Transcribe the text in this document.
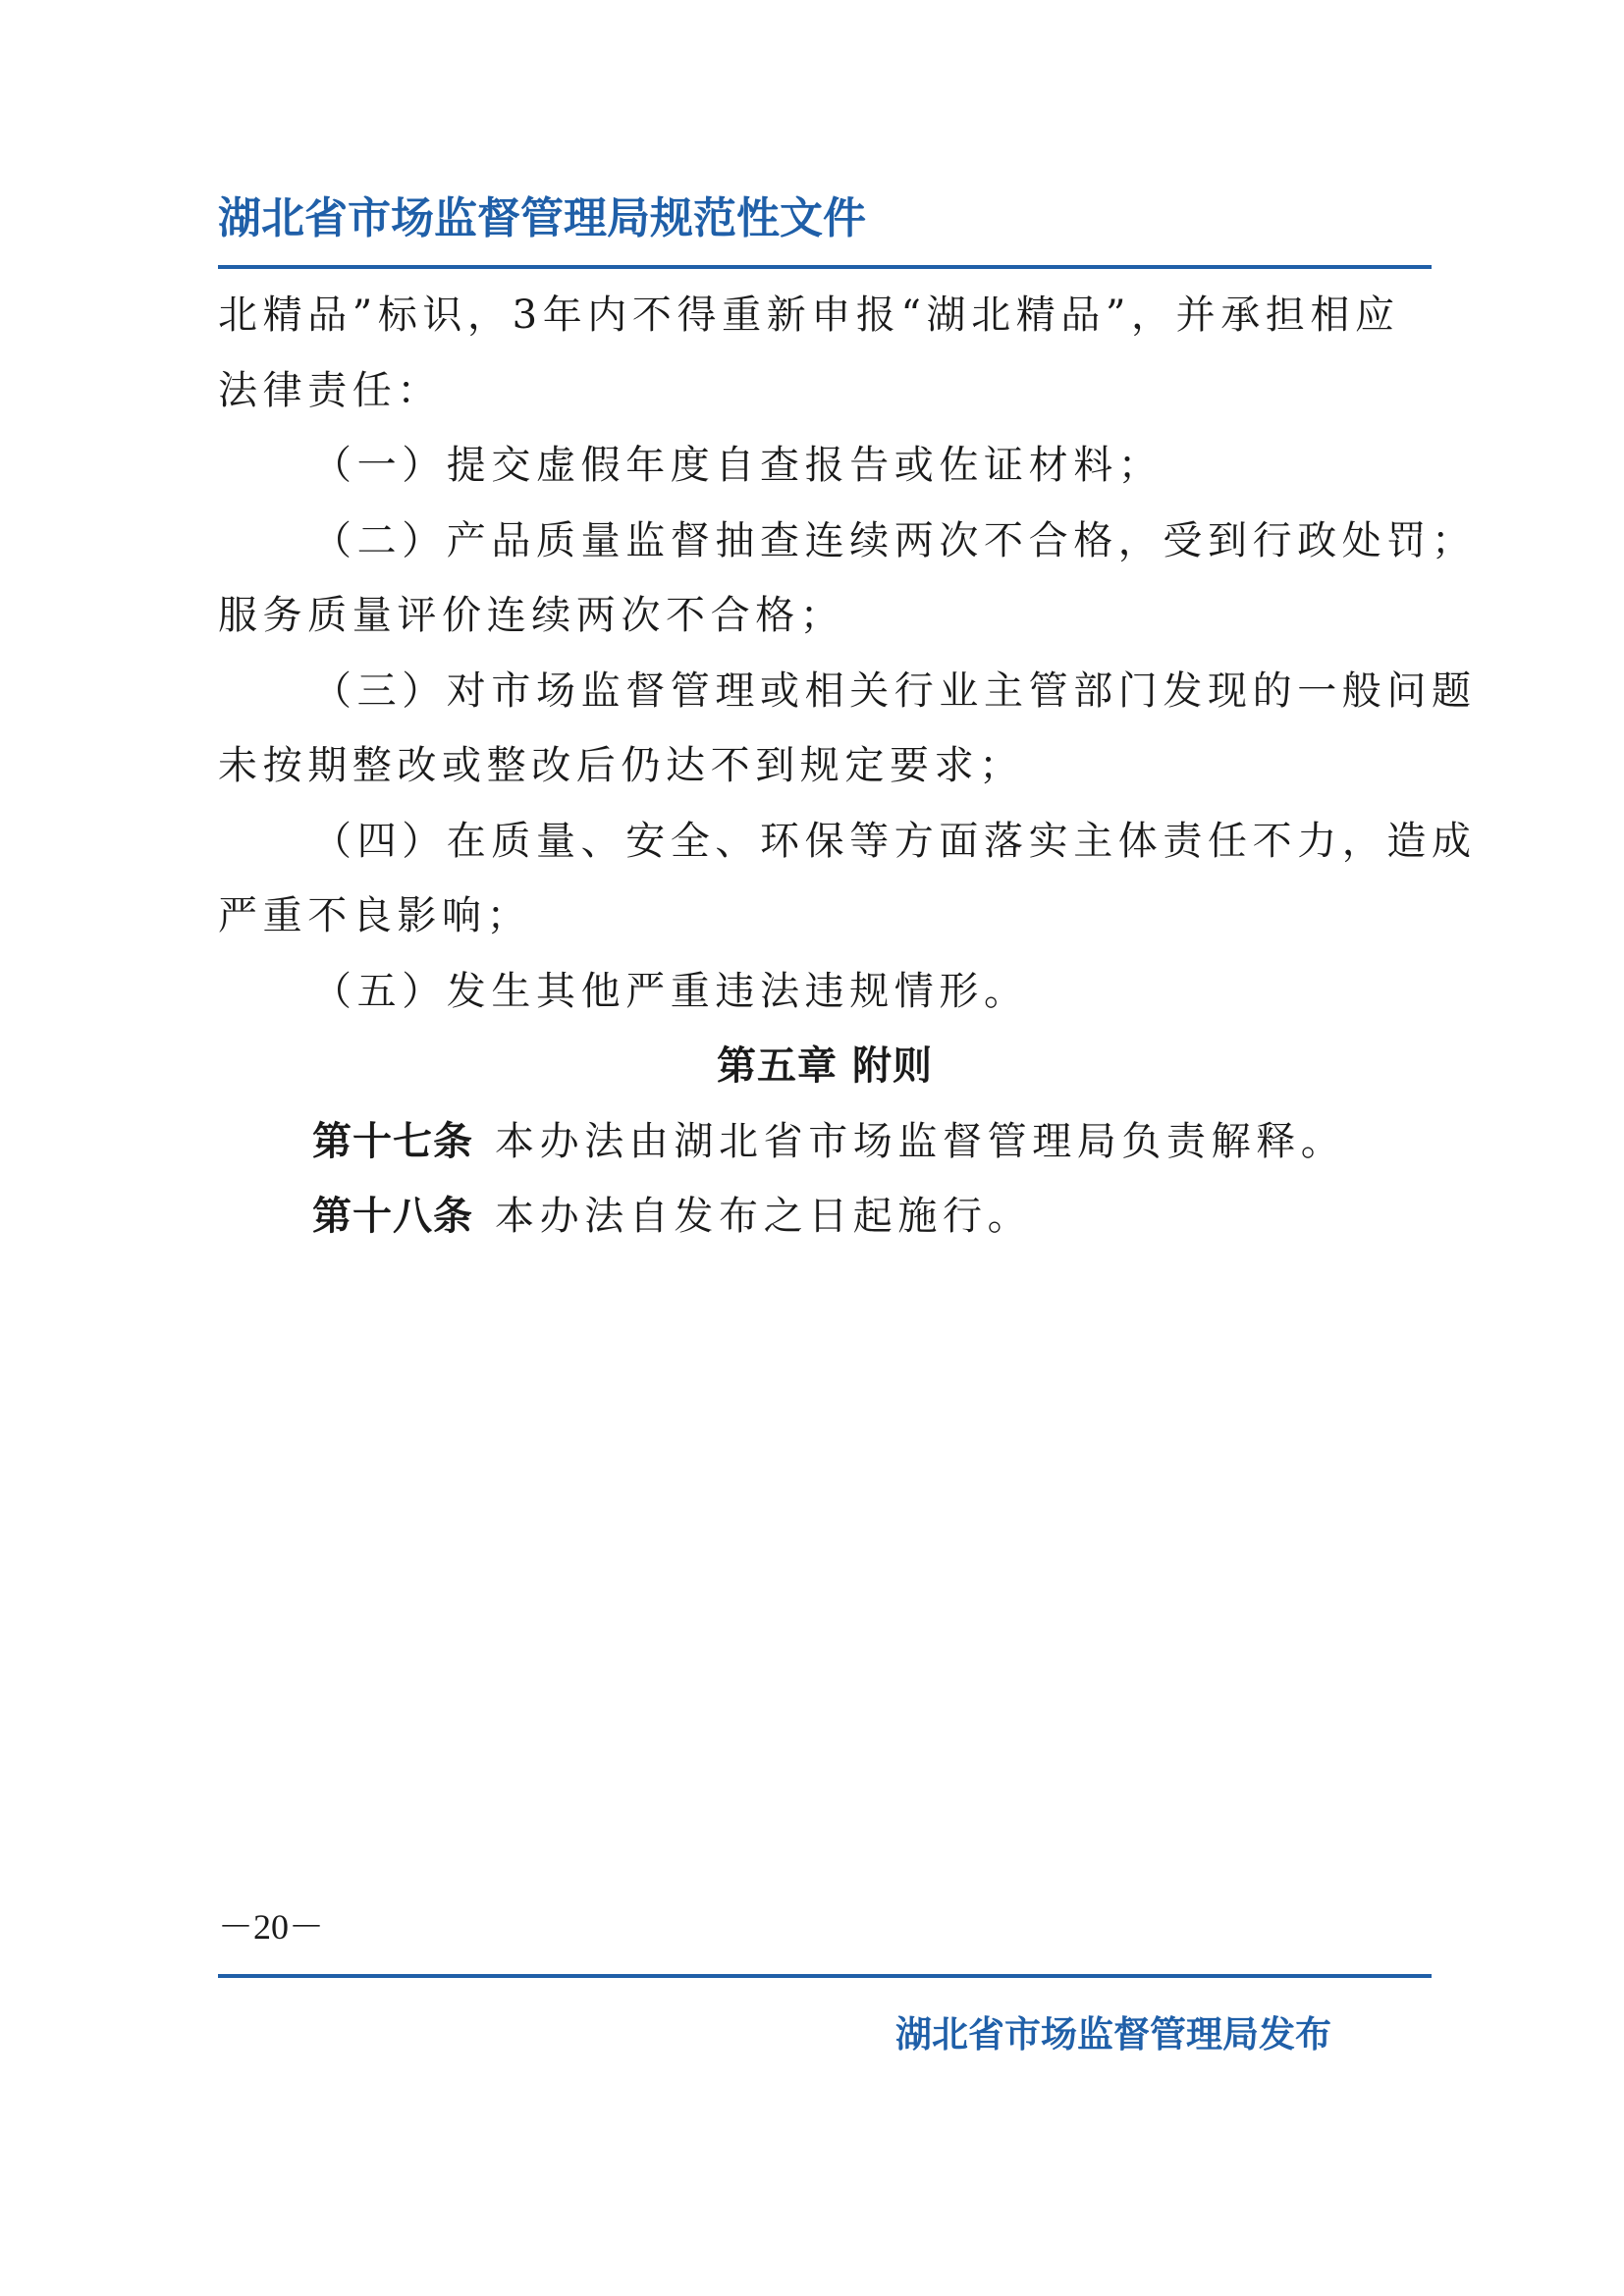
湖北省市场监督管理局规范性文件
北精品”标识，3年内不得重新申报“湖北精品”，并承担相应
法律责任：
（一）提交虚假年度自查报告或佐证材料；
（二）产品质量监督抽查连续两次不合格，受到行政处罚；
服务质量评价连续两次不合格；
（三）对市场监督管理或相关行业主管部门发现的一般问题
未按期整改或整改后仍达不到规定要求；
（四）在质量、安全、环保等方面落实主体责任不力，造成
严重不良影响；
（五）发生其他严重违法违规情形。
第五章 附则
第十七条 本办法由湖北省市场监督管理局负责解释。
第十八条 本办法自发布之日起施行。
－20－
湖北省市场监督管理局发布
